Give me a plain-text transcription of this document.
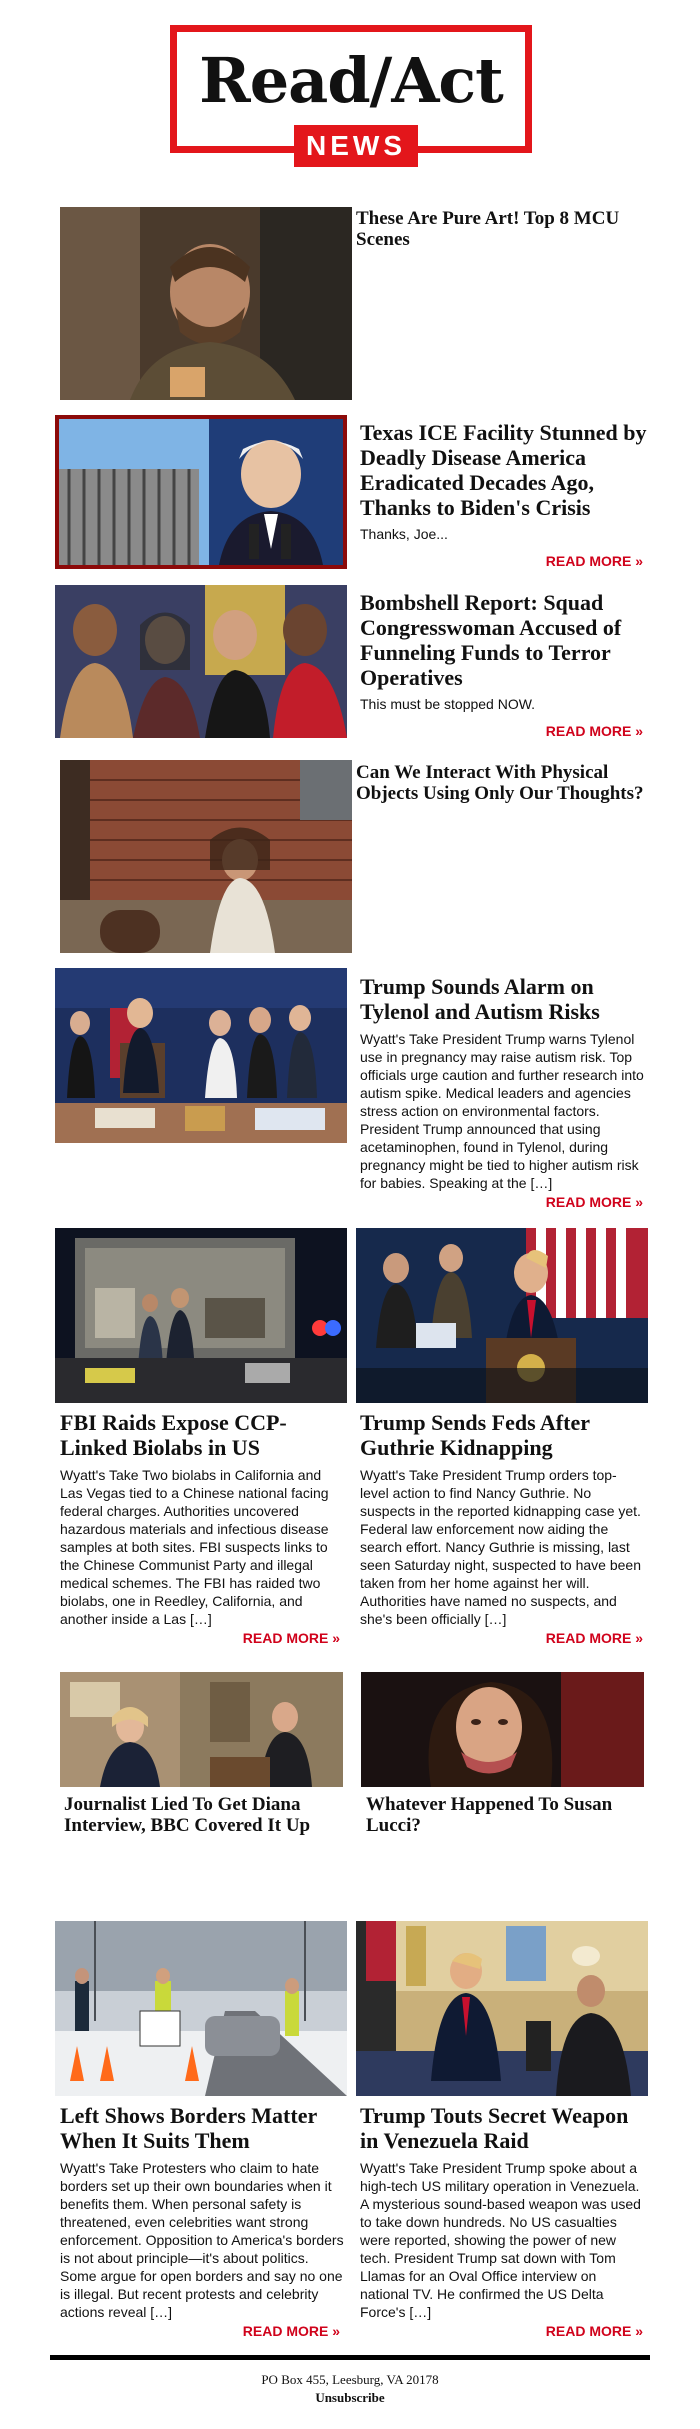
Read/Act
NEWS
These Are Pure Art! Top 8 MCU Scenes
Texas ICE Facility Stunned by Deadly Disease America Eradicated Decades Ago, Thanks to Biden's Crisis
Thanks, Joe...
READ MORE »
Bombshell Report: Squad Congresswoman Accused of Funneling Funds to Terror Operatives
This must be stopped NOW.
READ MORE »
Can We Interact With Physical Objects Using Only Our Thoughts?
Trump Sounds Alarm on Tylenol and Autism Risks
Wyatt's Take President Trump warns Tylenol use in pregnancy may raise autism risk. Top officials urge caution and further research into autism spike. Medical leaders and agencies stress action on environmental factors. President Trump announced that using acetaminophen, found in Tylenol, during pregnancy might be tied to higher autism risk for babies. Speaking at the […]
READ MORE »
FBI Raids Expose CCP-Linked Biolabs in US
Wyatt's Take Two biolabs in California and Las Vegas tied to a Chinese national facing federal charges. Authorities uncovered hazardous materials and infectious disease samples at both sites. FBI suspects links to the Chinese Communist Party and illegal medical schemes. The FBI has raided two biolabs, one in Reedley, California, and another inside a Las […]
READ MORE »
Trump Sends Feds After Guthrie Kidnapping
Wyatt's Take President Trump orders top-level action to find Nancy Guthrie. No suspects in the reported kidnapping case yet. Federal law enforcement now aiding the search effort. Nancy Guthrie is missing, last seen Saturday night, suspected to have been taken from her home against her will. Authorities have named no suspects, and she's been officially […]
READ MORE »
Journalist Lied To Get Diana Interview, BBC Covered It Up
Whatever Happened To Susan Lucci?
Left Shows Borders Matter When It Suits Them
Wyatt's Take Protesters who claim to hate borders set up their own boundaries when it benefits them. When personal safety is threatened, even celebrities want strong enforcement. Opposition to America's borders is not about principle—it's about politics. Some argue for open borders and say no one is illegal. But recent protests and celebrity actions reveal […]
READ MORE »
Trump Touts Secret Weapon in Venezuela Raid
Wyatt's Take President Trump spoke about a high-tech US military operation in Venezuela. A mysterious sound-based weapon was used to take down hundreds. No US casualties were reported, showing the power of new tech. President Trump sat down with Tom Llamas for an Oval Office interview on national TV. He confirmed the US Delta Force's […]
READ MORE »
PO Box 455, Leesburg, VA 20178
Unsubscribe
